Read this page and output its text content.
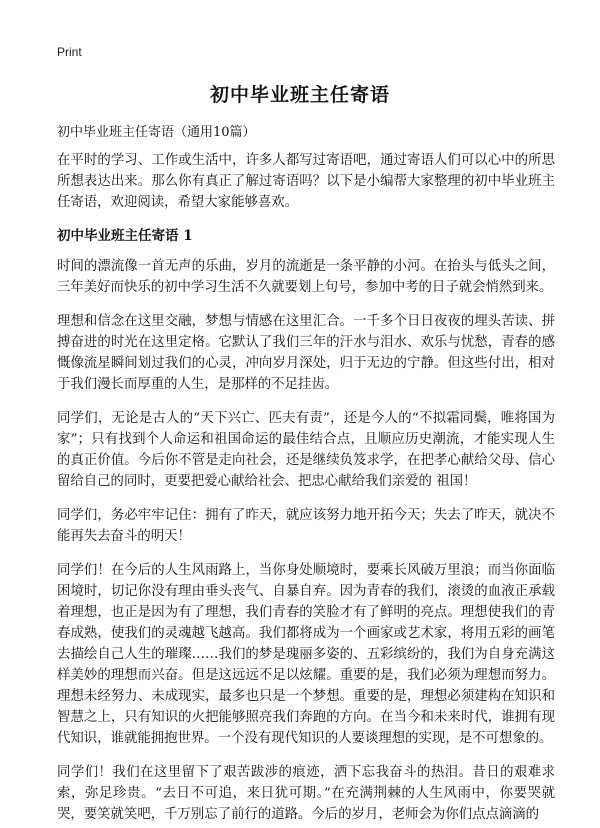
Print
初中毕业班主任寄语
初中毕业班主任寄语（通用10篇）

在平时的学习、工作或生活中，许多人都写过寄语吧，通过寄语人们可以心中的所思所想表达出来。那么你有真正了解过寄语吗？以下是小编帮大家整理的初中毕业班主任寄语，欢迎阅读，希望大家能够喜欢。

初中毕业班主任寄语 1

时间的漂流像一首无声的乐曲，岁月的流逝是一条平静的小河。在抬头与低头之间，三年美好而快乐的初中学习生活不久就要划上句号，参加中考的日子就会悄然到来。

理想和信念在这里交融，梦想与情感在这里汇合。一千多个日日夜夜的埋头苦读、拼搏奋进的时光在这里定格。它默认了我们三年的汗水与泪水、欢乐与忧愁，青春的感慨像流星瞬间划过我们的心灵，冲向岁月深处，归于无边的宁静。但这些付出，相对于我们漫长而厚重的人生，是那样的不足挂齿。

同学们，无论是古人的“天下兴亡、匹夫有责”，还是今人的“不拟霜同鬓，唯将国为家”；只有找到个人命运和祖国命运的最佳结合点，且顺应历史潮流，才能实现人生的真正价值。今后你不管是走向社会，还是继续负笈求学，在把孝心献给父母、信心留给自己的同时，更要把爱心献给社会、把忠心献给我们亲爱的 祖国！

同学们，务必牢牢记住：拥有了昨天，就应该努力地开拓今天；失去了昨天，就决不能再失去奋斗的明天！

同学们！在今后的人生风雨路上，当你身处顺境时，要乘长风破万里浪；而当你面临困境时，切记你没有理由垂头丧气、自暴自弃。因为青春的我们，滚烫的血液正承载着理想，也正是因为有了理想，我们青春的笑脸才有了鲜明的亮点。理想使我们的青春成熟，使我们的灵魂越飞越高。我们都将成为一个画家或艺术家，将用五彩的画笔去描绘自己人生的璀璨……我们的梦是瑰丽多姿的、五彩缤纷的，我们为自身充满这样美妙的理想而兴奋。但是这远远不足以炫耀。重要的是，我们必须为理想而努力。理想未经努力、未成现实，最多也只是一个梦想。重要的是，理想必须建构在知识和智慧之上，只有知识的火把能够照亮我们奔跑的方向。在当今和未来时代，谁拥有现代知识，谁就能拥抱世界。一个没有现代知识的人要谈理想的实现，是不可想象的。

同学们！我们在这里留下了艰苦跋涉的痕迹，洒下忘我奋斗的热泪。昔日的艰难求索，弥足珍贵。“去日不可追，来日犹可期。”在充满荆棘的人生风雨中，你要哭就哭，要笑就笑吧，千万别忘了前行的道路。今后的岁月，老师会为你们点点滴滴的
